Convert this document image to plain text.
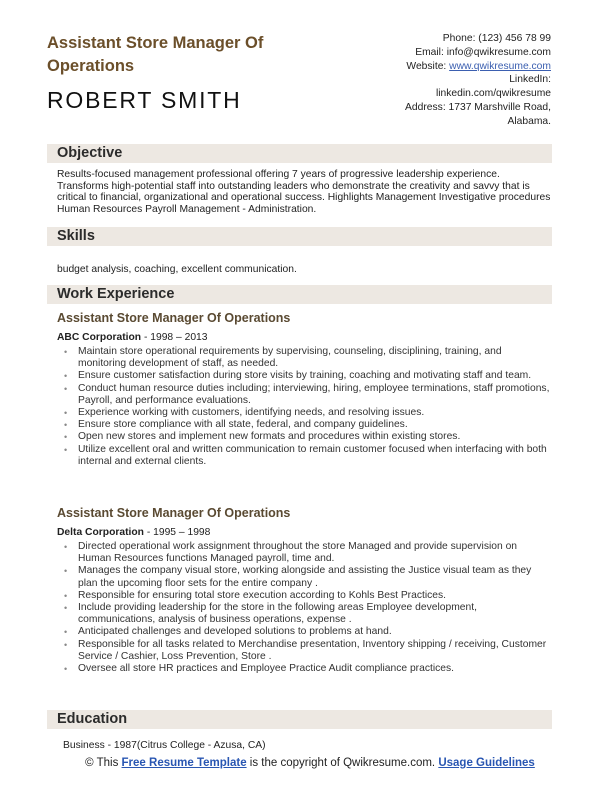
Assistant Store Manager Of Operations
ROBERT SMITH
Phone: (123) 456 78 99
Email: info@qwikresume.com
Website: www.qwikresume.com
LinkedIn:
linkedin.com/qwikresume
Address: 1737 Marshville Road,
Alabama.
Objective
Results-focused management professional offering 7 years of progressive leadership experience. Transforms high-potential staff into outstanding leaders who demonstrate the creativity and savvy that is critical to financial, organizational and operational success. Highlights Management Investigative procedures Human Resources Payroll Management - Administration.
Skills
budget analysis, coaching, excellent communication.
Work Experience
Assistant Store Manager Of Operations
ABC Corporation - 1998 – 2013
• Maintain store operational requirements by supervising, counseling, disciplining, training, and monitoring development of staff, as needed.
• Ensure customer satisfaction during store visits by training, coaching and motivating staff and team.
• Conduct human resource duties including; interviewing, hiring, employee terminations, staff promotions, Payroll, and performance evaluations.
• Experience working with customers, identifying needs, and resolving issues.
• Ensure store compliance with all state, federal, and company guidelines.
• Open new stores and implement new formats and procedures within existing stores.
• Utilize excellent oral and written communication to remain customer focused when interfacing with both internal and external clients.
Assistant Store Manager Of Operations
Delta Corporation - 1995 – 1998
• Directed operational work assignment throughout the store Managed and provide supervision on Human Resources functions Managed payroll, time and.
• Manages the company visual store, working alongside and assisting the Justice visual team as they plan the upcoming floor sets for the entire company .
• Responsible for ensuring total store execution according to Kohls Best Practices.
• Include providing leadership for the store in the following areas Employee development, communications, analysis of business operations, expense .
• Anticipated challenges and developed solutions to problems at hand.
• Responsible for all tasks related to Merchandise presentation, Inventory shipping / receiving, Customer Service / Cashier, Loss Prevention, Store .
• Oversee all store HR practices and Employee Practice Audit compliance practices.
Education
Business - 1987(Citrus College - Azusa, CA)
© This Free Resume Template is the copyright of Qwikresume.com. Usage Guidelines
